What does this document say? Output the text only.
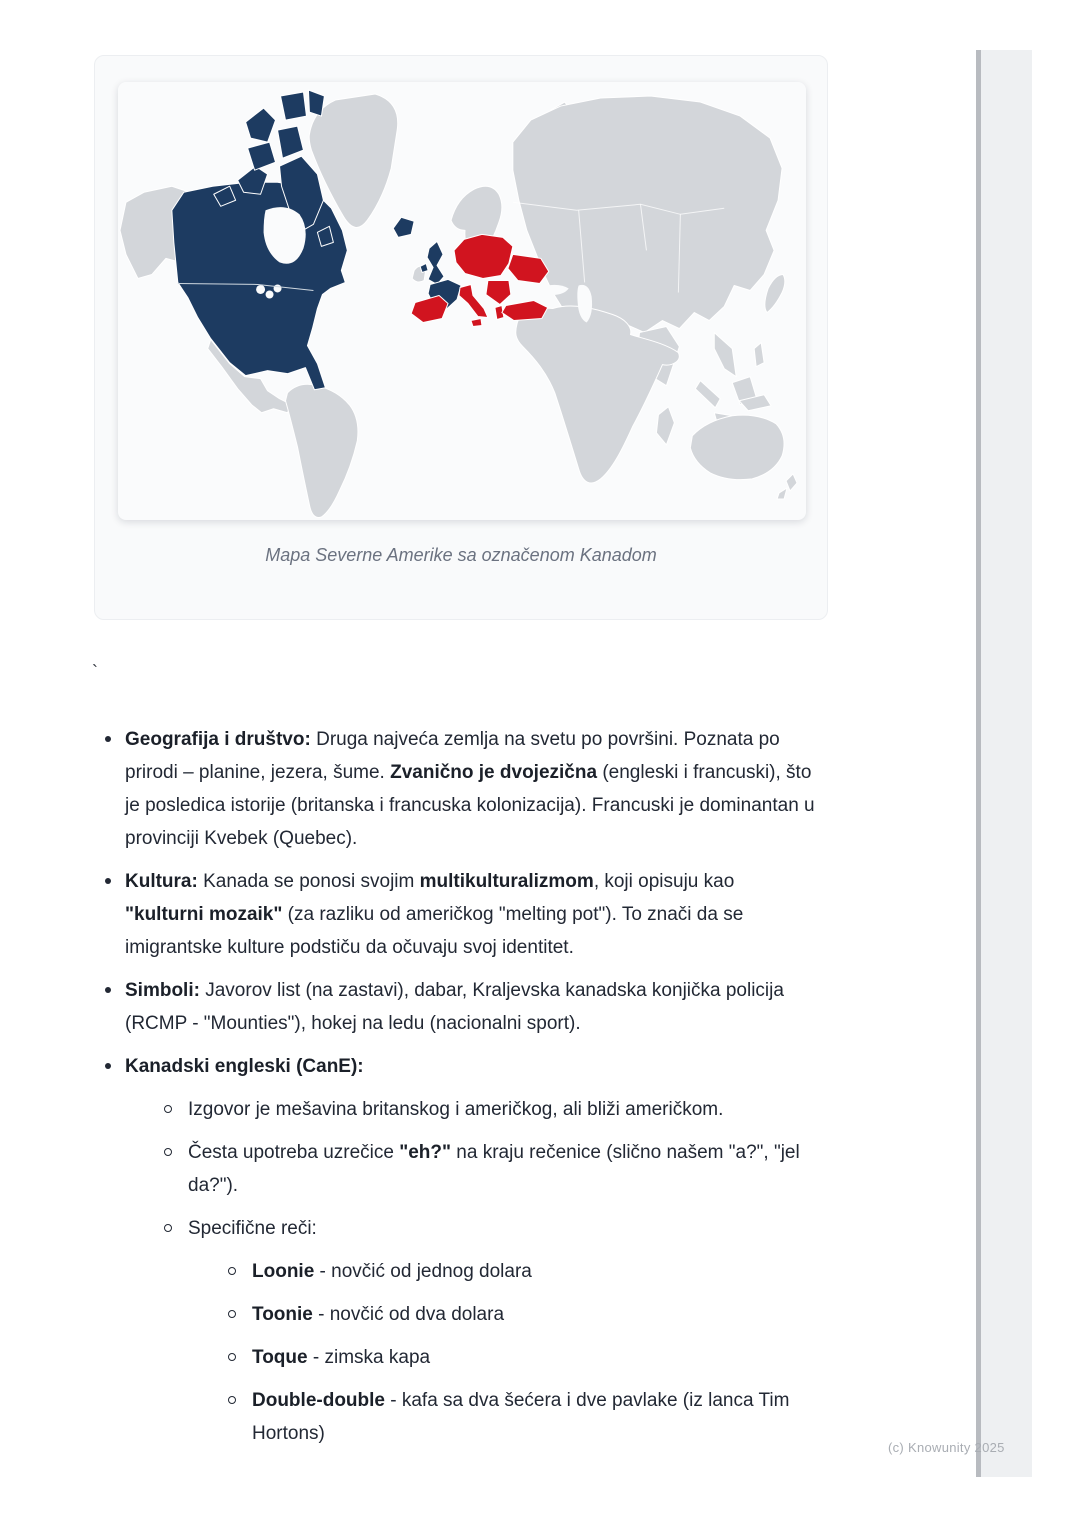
Mapa Severne Amerike sa označenom Kanadom
`
Geografija i društvo: Druga najveća zemlja na svetu po površini. Poznata po prirodi – planine, jezera, šume. Zvanično je dvojezična (engleski i francuski), što je posledica istorije (britanska i francuska kolonizacija). Francuski je dominantan u provinciji Kvebek (Quebec).
Kultura: Kanada se ponosi svojim multikulturalizmom, koji opisuju kao "kulturni mozaik" (za razliku od američkog "melting pot"). To znači da se imigrantske kulture podstiču da očuvaju svoj identitet.
Simboli: Javorov list (na zastavi), dabar, Kraljevska kanadska konjička policija (RCMP - "Mounties"), hokej na ledu (nacionalni sport).
Kanadski engleski (CanE):
Izgovor je mešavina britanskog i američkog, ali bliži američkom.
Česta upotreba uzrečice "eh?" na kraju rečenice (slično našem "a?", "jel da?").
Specifične reči:
Loonie - novčić od jednog dolara
Toonie - novčić od dva dolara
Toque - zimska kapa
Double-double - kafa sa dva šećera i dve pavlake (iz lanca Tim Hortons)
(c) Knowunity 2025
